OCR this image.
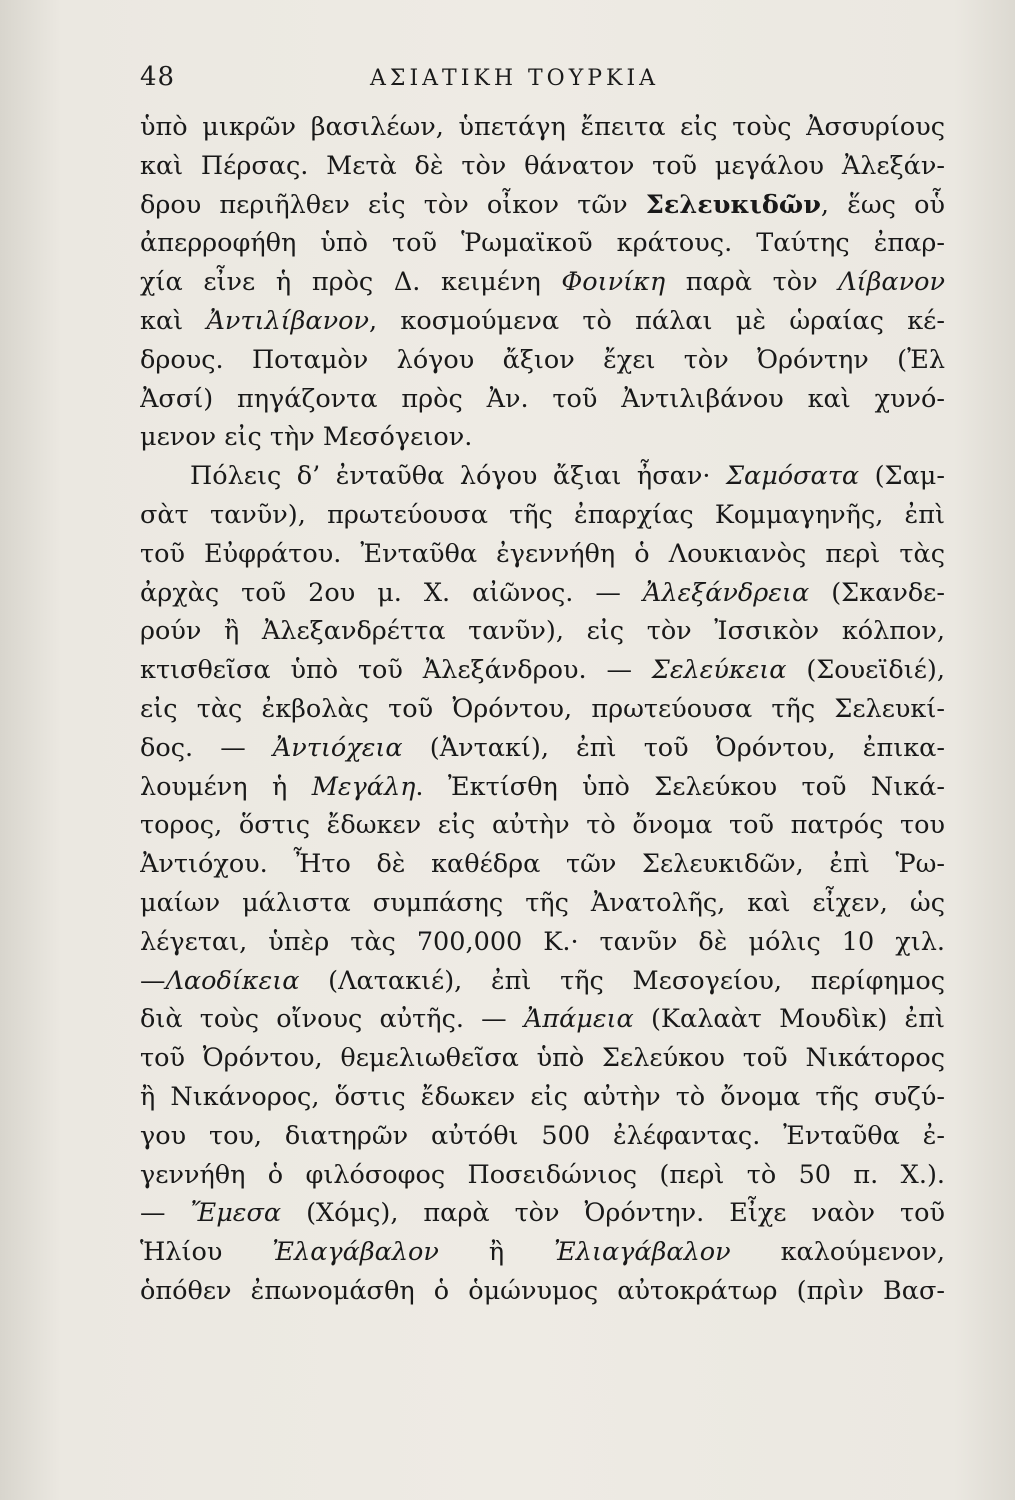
48	ΑΣΙΑΤΙΚΗ ΤΟΥΡΚΙΑ
ὑπὸ μικρῶν βασιλέων, ὑπετάγη ἔπειτα εἰς τοὺς Ἀσσυρίους
καὶ Πέρσας. Μετὰ δὲ τὸν θάνατον τοῦ μεγάλου Ἀλεξάν-
δρου περιῆλθεν εἰς τὸν οἶκον τῶν Σελευκιδῶν, ἕως οὗ
ἀπερροφήθη ὑπὸ τοῦ Ῥωμαϊκοῦ κράτους. Ταύτης ἐπαρ-
χία εἶνε ἡ πρὸς Δ. κειμένη Φοινίκη παρὰ τὸν Λίβανον
καὶ Ἀντιλίβανον, κοσμούμενα τὸ πάλαι μὲ ὡραίας κέ-
δρους. Ποταμὸν λόγου ἄξιον ἔχει τὸν Ὀρόντην (Ἐλ
Ἀσσί) πηγάζοντα πρὸς Ἀν. τοῦ Ἀντιλιβάνου καὶ χυνό-
μενον εἰς τὴν Μεσόγειον.
Πόλεις δ’ ἐνταῦθα λόγου ἄξιαι ἦσαν· Σαμόσατα (Σαμ-
σὰτ τανῦν), πρωτεύουσα τῆς ἐπαρχίας Κομμαγηνῆς, ἐπὶ
τοῦ Εὐφράτου. Ἐνταῦθα ἐγεννήθη ὁ Λουκιανὸς περὶ τὰς
ἀρχὰς τοῦ 2ου μ. Χ. αἰῶνος. — Ἀλεξάνδρεια (Σκανδε-
ρούν ἢ Ἀλεξανδρέττα τανῦν), εἰς τὸν Ἰσσικὸν κόλπον,
κτισθεῖσα ὑπὸ τοῦ Ἀλεξάνδρου. — Σελεύκεια (Σουεϊδιέ),
εἰς τὰς ἐκβολὰς τοῦ Ὀρόντου, πρωτεύουσα τῆς Σελευκί-
δος. — Ἀντιόχεια (Ἀντακί), ἐπὶ τοῦ Ὀρόντου, ἐπικα-
λουμένη ἡ Μεγάλη. Ἐκτίσθη ὑπὸ Σελεύκου τοῦ Νικά-
τορος, ὅστις ἔδωκεν εἰς αὐτὴν τὸ ὄνομα τοῦ πατρός του
Ἀντιόχου. Ἦτο δὲ καθέδρα τῶν Σελευκιδῶν, ἐπὶ Ῥω-
μαίων μάλιστα συμπάσης τῆς Ἀνατολῆς, καὶ εἶχεν, ὡς
λέγεται, ὑπὲρ τὰς 700,000 Κ.· τανῦν δὲ μόλις 10 χιλ.
—Λαοδίκεια (Λατακιέ), ἐπὶ τῆς Μεσογείου, περίφημος
διὰ τοὺς οἴνους αὐτῆς. — Ἀπάμεια (Καλαὰτ Μουδὶκ) ἐπὶ
τοῦ Ὀρόντου, θεμελιωθεῖσα ὑπὸ Σελεύκου τοῦ Νικάτορος
ἢ Νικάνορος, ὅστις ἔδωκεν εἰς αὐτὴν τὸ ὄνομα τῆς συζύ-
γου του, διατηρῶν αὐτόθι 500 ἐλέφαντας. Ἐνταῦθα ἐ-
γεννήθη ὁ φιλόσοφος Ποσειδώνιος (περὶ τὸ 50 π. Χ.).
— Ἔμεσα (Χόμς), παρὰ τὸν Ὀρόντην. Εἶχε ναὸν τοῦ
Ἡλίου Ἐλαγάβαλον ἢ Ἐλιαγάβαλον καλούμενον,
ὁπόθεν ἐπωνομάσθη ὁ ὁμώνυμος αὐτοκράτωρ (πρὶν Βασ-
